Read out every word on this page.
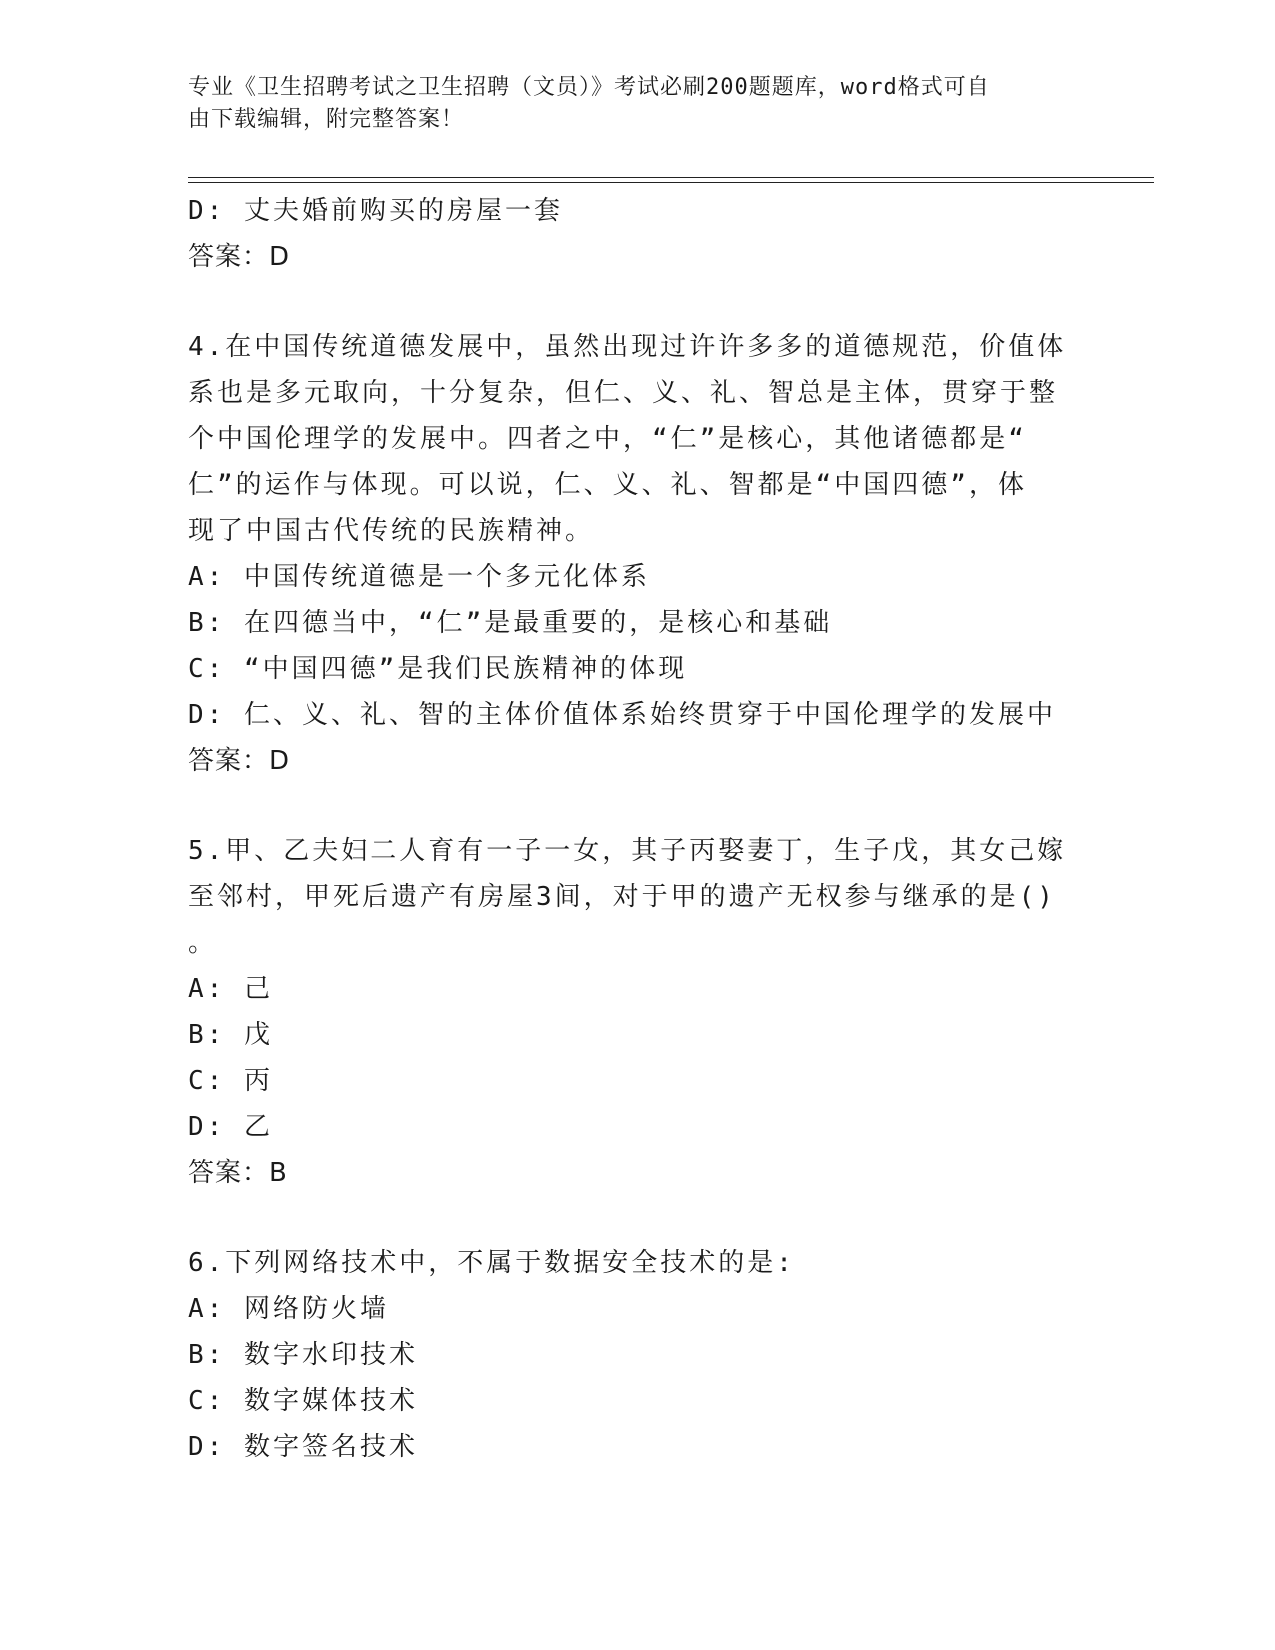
专业《卫生招聘考试之卫生招聘（文员）》考试必刷200题题库，word格式可自
由下载编辑，附完整答案！
D: 丈夫婚前购买的房屋一套
答案：D
4.在中国传统道德发展中，虽然出现过许许多多的道德规范，价值体
系也是多元取向，十分复杂，但仁、义、礼、智总是主体，贯穿于整
个中国伦理学的发展中。四者之中，“仁”是核心，其他诸德都是“
仁”的运作与体现。可以说，仁、义、礼、智都是“中国四德”，体
现了中国古代传统的民族精神。
A: 中国传统道德是一个多元化体系
B: 在四德当中，“仁”是最重要的，是核心和基础
C: “中国四德”是我们民族精神的体现
D: 仁、义、礼、智的主体价值体系始终贯穿于中国伦理学的发展中
答案：D
5.甲、乙夫妇二人育有一子一女，其子丙娶妻丁，生子戊，其女己嫁
至邻村，甲死后遗产有房屋3间，对于甲的遗产无权参与继承的是()
。
A: 己
B: 戊
C: 丙
D: 乙
答案：B
6.下列网络技术中，不属于数据安全技术的是:
A: 网络防火墙
B: 数字水印技术
C: 数字媒体技术
D: 数字签名技术
